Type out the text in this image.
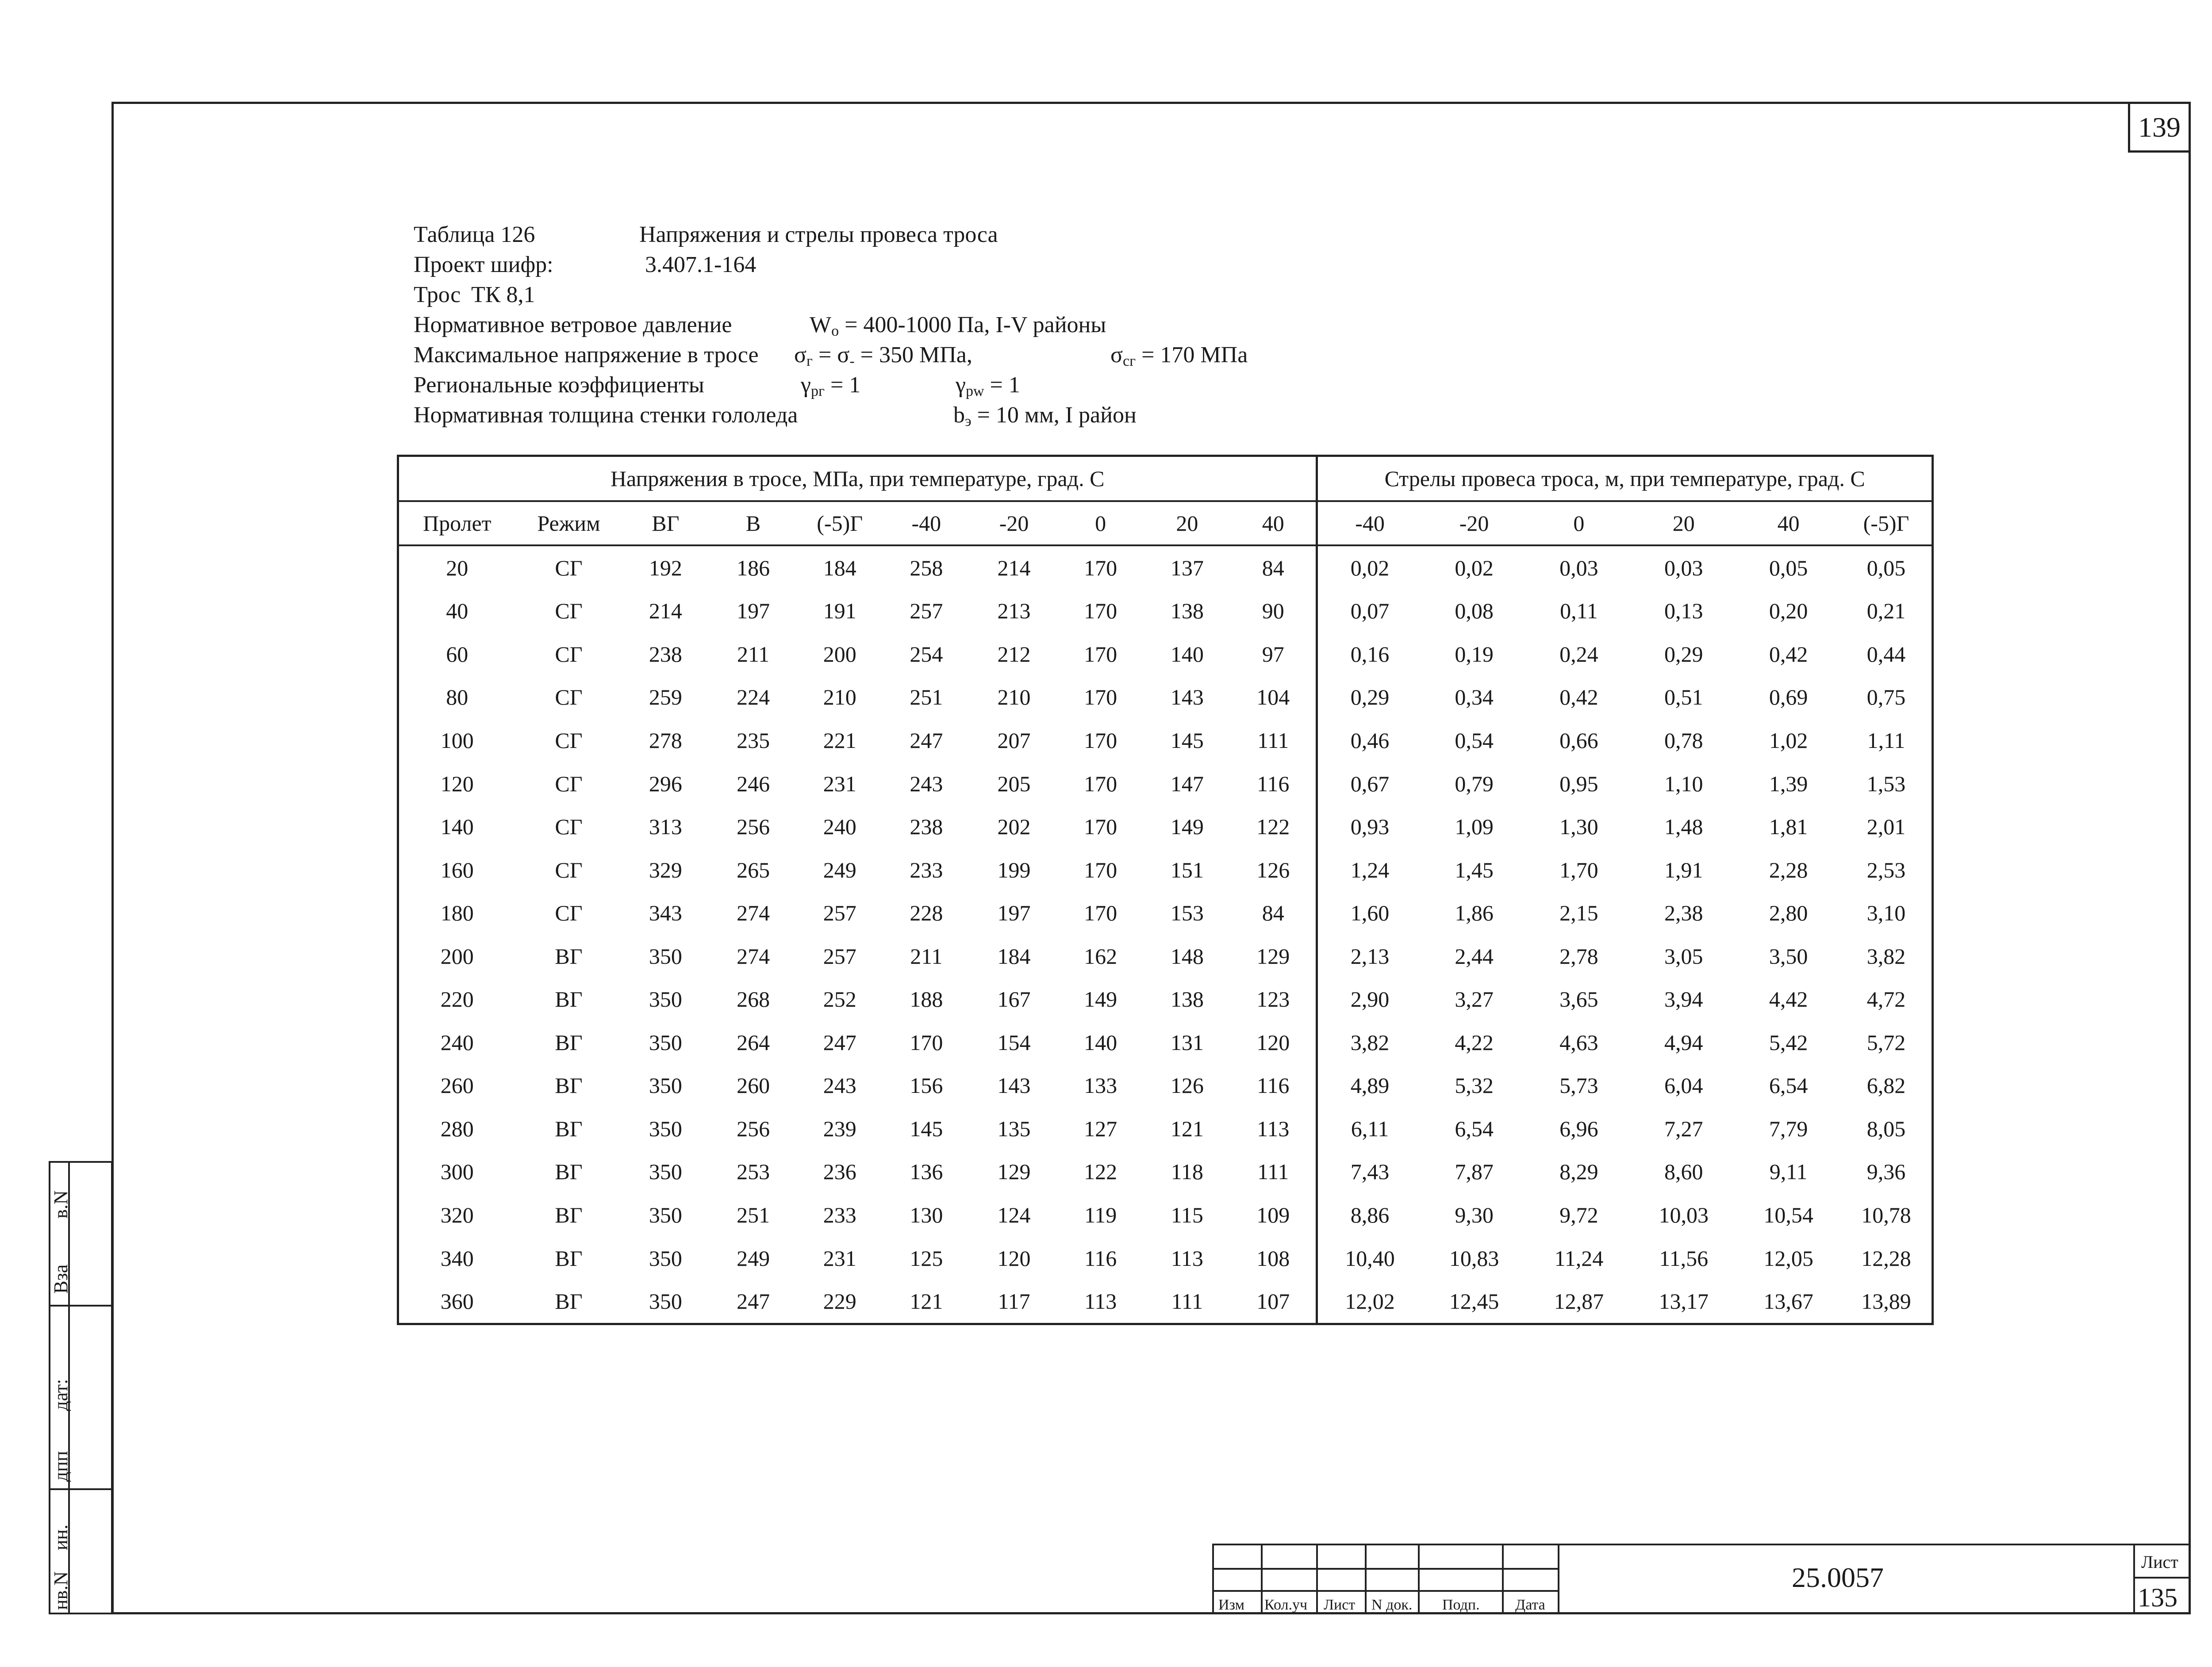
139
Таблица 126	Напряжения и стрелы провеса троса
Проект шифр:	3.407.1-164
Трос ТК 8,1
Нормативное ветровое давление	$W_о = 400-1000$ Па, I-V районы
Максимальное напряжение в тросе $\sigma_г = \sigma_- = 350$ МПа,	$\sigma_{сг} = 170$ МПа
Региональные коэффициенты	$\gamma_{рг} = 1$	$\gamma_{pw} = 1$
Нормативная толщина стенки гололеда	$b_э = 10$ мм, I район
Напряжения в тросе, МПа, при температуре, град. С										Стрелы провеса троса, м, при температуре, град. С					
Пролет	Режим	ВГ	В	(-5)Г	-40	-20	0	20	40	-40	-20	0	20	40	(-5)Г
20	СГ	192	186	184	258	214	170	137	84	0,02	0,02	0,03	0,03	0,05	0,05
40	СГ	214	197	191	257	213	170	138	90	0,07	0,08	0,11	0,13	0,20	0,21
60	СГ	238	211	200	254	212	170	140	97	0,16	0,19	0,24	0,29	0,42	0,44
80	СГ	259	224	210	251	210	170	143	104	0,29	0,34	0,42	0,51	0,69	0,75
100	СГ	278	235	221	247	207	170	145	111	0,46	0,54	0,66	0,78	1,02	1,11
120	СГ	296	246	231	243	205	170	147	116	0,67	0,79	0,95	1,10	1,39	1,53
140	СГ	313	256	240	238	202	170	149	122	0,93	1,09	1,30	1,48	1,81	2,01
160	СГ	329	265	249	233	199	170	151	126	1,24	1,45	1,70	1,91	2,28	2,53
180	СГ	343	274	257	228	197	170	153	84	1,60	1,86	2,15	2,38	2,80	3,10
200	ВГ	350	274	257	211	184	162	148	129	2,13	2,44	2,78	3,05	3,50	3,82
220	ВГ	350	268	252	188	167	149	138	123	2,90	3,27	3,65	3,94	4,42	4,72
240	ВГ	350	264	247	170	154	140	131	120	3,82	4,22	4,63	4,94	5,42	5,72
260	ВГ	350	260	243	156	143	133	126	116	4,89	5,32	5,73	6,04	6,54	6,82
280	ВГ	350	256	239	145	135	127	121	113	6,11	6,54	6,96	7,27	7,79	8,05
300	ВГ	350	253	236	136	129	122	118	111	7,43	7,87	8,29	8,60	9,11	9,36
320	ВГ	350	251	233	130	124	119	115	109	8,86	9,30	9,72	10,03	10,54	10,78
340	ВГ	350	249	231	125	120	116	113	108	10,40	10,83	11,24	11,56	12,05	12,28
360	ВГ	350	247	229	121	117	113	111	107	12,02	12,45	12,87	13,17	13,67	13,89
Вза
в.N
дат:
дпп
ин.
нв.N	Изм Кол.уч Лист N док. Подп. Дата
25.0057	Лист
135
